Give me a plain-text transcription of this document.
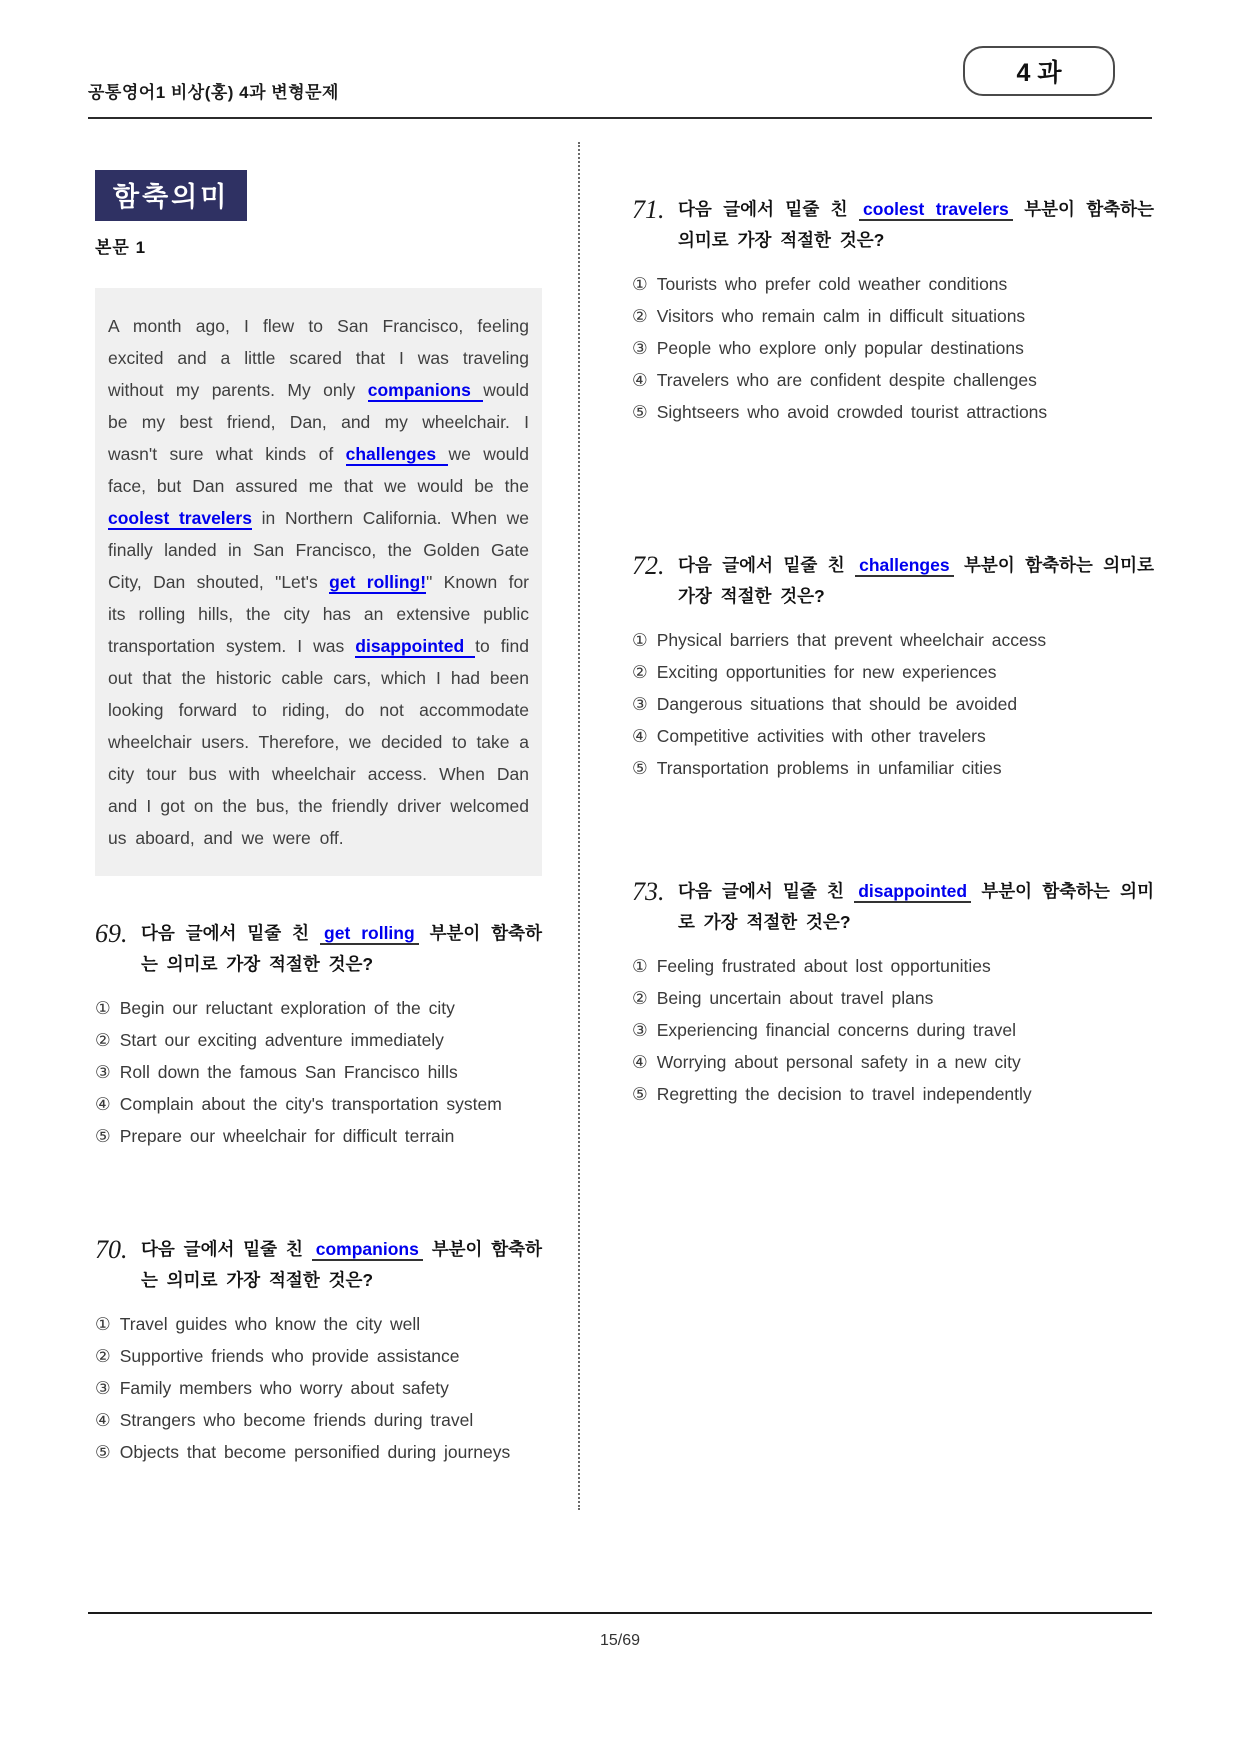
공통영어1 비상(홍) 4과 변형문제
4 과
함축의미
본문 1
A month ago, I flew to San Francisco, feeling excited and a little scared that I was traveling without my parents. My only companions would be my best friend, Dan, and my wheelchair. I wasn't sure what kinds of challenges we would face, but Dan assured me that we would be the coolest travelers in Northern California. When we finally landed in San Francisco, the Golden Gate City, Dan shouted, "Let's get rolling!" Known for its rolling hills, the city has an extensive public transportation system. I was disappointed to find out that the historic cable cars, which I had been looking forward to riding, do not accommodate wheelchair users. Therefore, we decided to take a city tour bus with wheelchair access. When Dan and I got on the bus, the friendly driver welcomed us aboard, and we were off.
69. 다음 글에서 밑줄 친 get rolling 부분이 함축하는 의미로 가장 적절한 것은?
① Begin our reluctant exploration of the city
② Start our exciting adventure immediately
③ Roll down the famous San Francisco hills
④ Complain about the city's transportation system
⑤ Prepare our wheelchair for difficult terrain
70. 다음 글에서 밑줄 친 companions 부분이 함축하는 의미로 가장 적절한 것은?
① Travel guides who know the city well
② Supportive friends who provide assistance
③ Family members who worry about safety
④ Strangers who become friends during travel
⑤ Objects that become personified during journeys
71. 다음 글에서 밑줄 친 coolest travelers 부분이 함축하는 의미로 가장 적절한 것은?
① Tourists who prefer cold weather conditions
② Visitors who remain calm in difficult situations
③ People who explore only popular destinations
④ Travelers who are confident despite challenges
⑤ Sightseers who avoid crowded tourist attractions
72. 다음 글에서 밑줄 친 challenges 부분이 함축하는 의미로 가장 적절한 것은?
① Physical barriers that prevent wheelchair access
② Exciting opportunities for new experiences
③ Dangerous situations that should be avoided
④ Competitive activities with other travelers
⑤ Transportation problems in unfamiliar cities
73. 다음 글에서 밑줄 친 disappointed 부분이 함축하는 의미로 가장 적절한 것은?
① Feeling frustrated about lost opportunities
② Being uncertain about travel plans
③ Experiencing financial concerns during travel
④ Worrying about personal safety in a new city
⑤ Regretting the decision to travel independently
15/69
